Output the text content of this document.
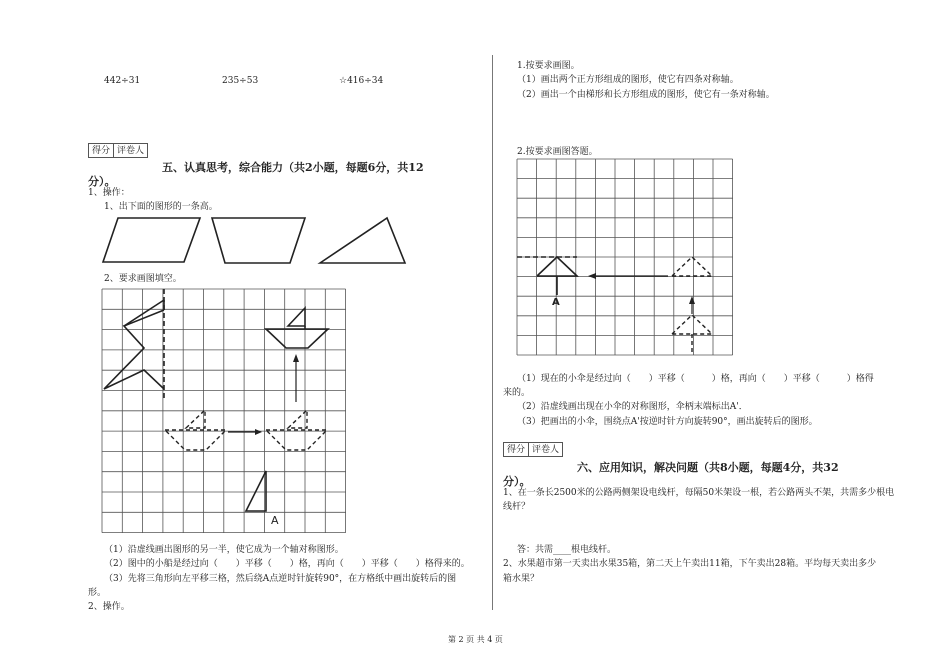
442÷31	235÷53	☆416÷34
得分 评卷人
五、认真思考，综合能力（共2小题，每题6分，共12
分）。
1、操作：
1、出下面的图形的一条高。
2、要求画图填空。
A
（1）沿虚线画出图形的另一半，使它成为一个轴对称图形。
（2）图中的小船是经过向（　　）平移（　　）格，再向（　　）平移（　　）格得来的。
（3）先将三角形向左平移三格，然后绕A点逆时针旋转90°，在方格纸中画出旋转后的图
形。
2、操作。
1.按要求画图。
（1）画出两个正方形组成的图形，使它有四条对称轴。
（2）画出一个由梯形和长方形组成的图形，使它有一条对称轴。
2.按要求画图答题。
A
（1）现在的小伞是经过向（　　）平移（　　　）格，再向（　　）平移（　　　）格得
来的。
（2）沿虚线画出现在小伞的对称图形，伞柄末端标出A'．
（3）把画出的小伞，围绕点A'按逆时针方向旋转90°，画出旋转后的图形。
得分 评卷人
六、应用知识，解决问题（共8小题，每题4分，共32
分）。
1、在一条长2500米的公路两侧架设电线杆，每隔50米架设一根，若公路两头不架，共需多少根电
线杆？
答：共需____根电线杆。
2、水果超市第一天卖出水果35箱，第二天上午卖出11箱，下午卖出28箱。平均每天卖出多少
箱水果？
第 2 页 共 4 页
